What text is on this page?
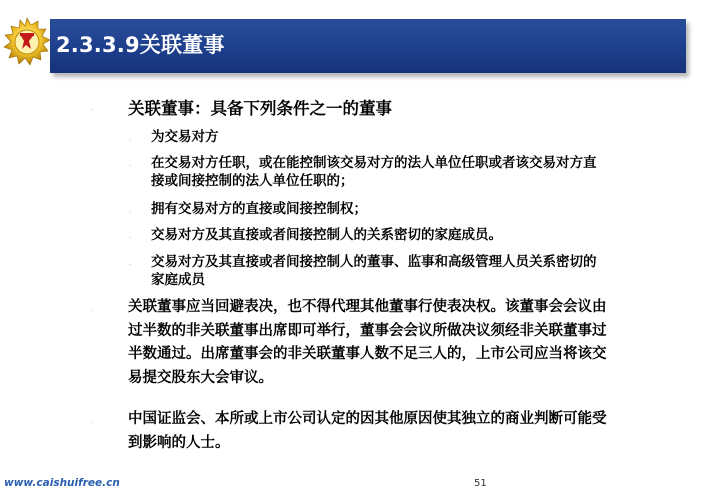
2.3.3.9关联董事
· 关联董事：具备下列条件之一的董事
· 为交易对方
· 在交易对方任职，或在能控制该交易对方的法人单位任职或者该交易对方直接或间接控制的法人单位任职的；
· 拥有交易对方的直接或间接控制权；
· 交易对方及其直接或者间接控制人的关系密切的家庭成员。
· 交易对方及其直接或者间接控制人的董事、监事和高级管理人员关系密切的家庭成员
· 关联董事应当回避表决，也不得代理其他董事行使表决权。该董事会会议由过半数的非关联董事出席即可举行，董事会会议所做决议须经非关联董事过半数通过。出席董事会的非关联董事人数不足三人的，上市公司应当将该交易提交股东大会审议。
· 中国证监会、本所或上市公司认定的因其他原因使其独立的商业判断可能受到影响的人士。
www.caishuifree.cn	51
